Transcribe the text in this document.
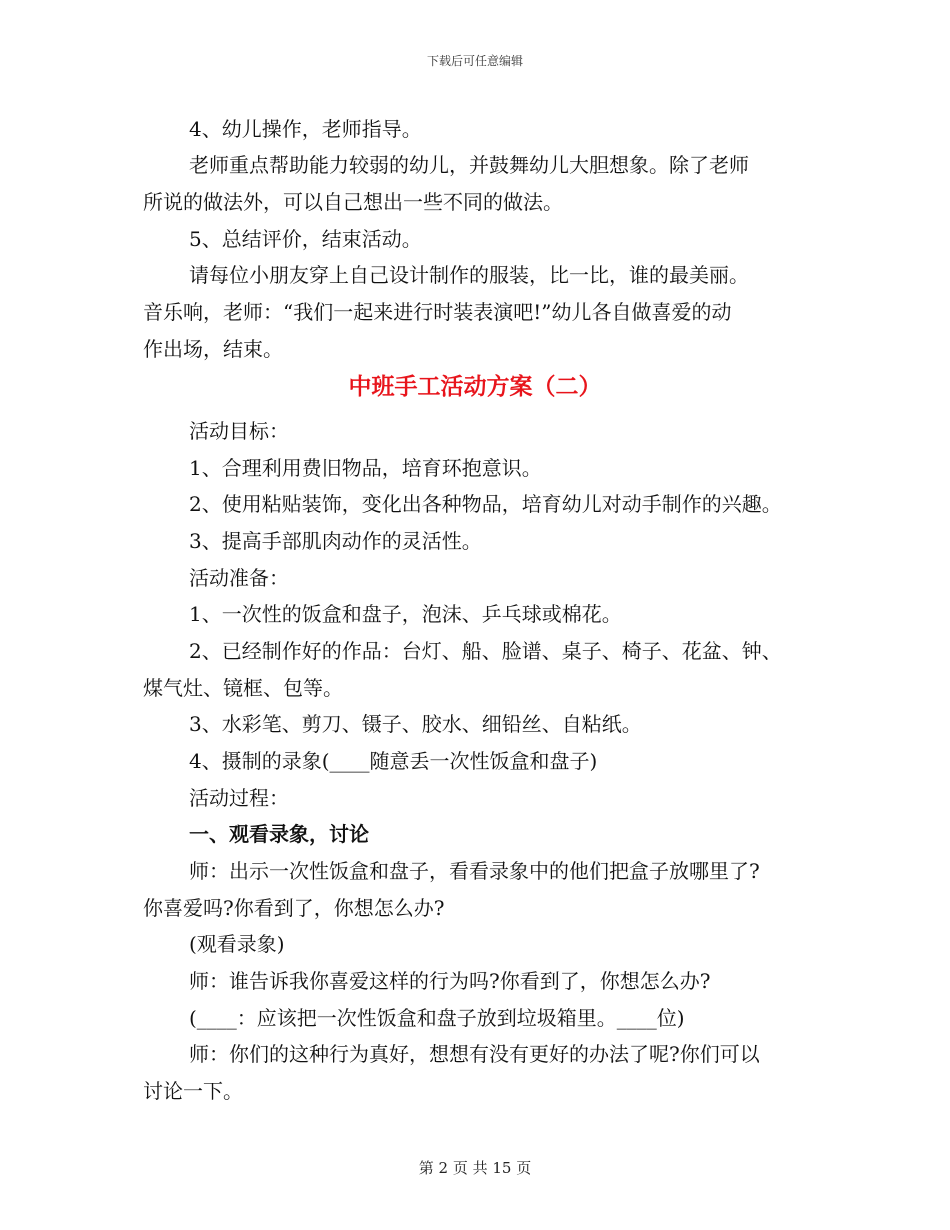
下载后可任意编辑
4、幼儿操作，老师指导。
老师重点帮助能力较弱的幼儿，并鼓舞幼儿大胆想象。除了老师
所说的做法外，可以自己想出一些不同的做法。
5、总结评价，结束活动。
请每位小朋友穿上自己设计制作的服装，比一比，谁的最美丽。
音乐响，老师：“我们一起来进行时装表演吧!”幼儿各自做喜爱的动
作出场，结束。
中班手工活动方案（二）
活动目标：
1、合理利用费旧物品，培育环抱意识。
2、使用粘贴装饰，变化出各种物品，培育幼儿对动手制作的兴趣。
3、提高手部肌肉动作的灵活性。
活动准备：
1、一次性的饭盒和盘子，泡沫、乒乓球或棉花。
2、已经制作好的作品：台灯、船、脸谱、桌子、椅子、花盆、钟、
煤气灶、镜框、包等。
3、水彩笔、剪刀、镊子、胶水、细铅丝、自粘纸。
4、摄制的录象(____随意丢一次性饭盒和盘子)
活动过程：
一、观看录象，讨论
师：出示一次性饭盒和盘子，看看录象中的他们把盒子放哪里了?
你喜爱吗?你看到了，你想怎么办?
(观看录象)
师：谁告诉我你喜爱这样的行为吗?你看到了，你想怎么办?
(____：应该把一次性饭盒和盘子放到垃圾箱里。____位)
师：你们的这种行为真好，想想有没有更好的办法了呢?你们可以
讨论一下。
第 2 页 共 15 页
